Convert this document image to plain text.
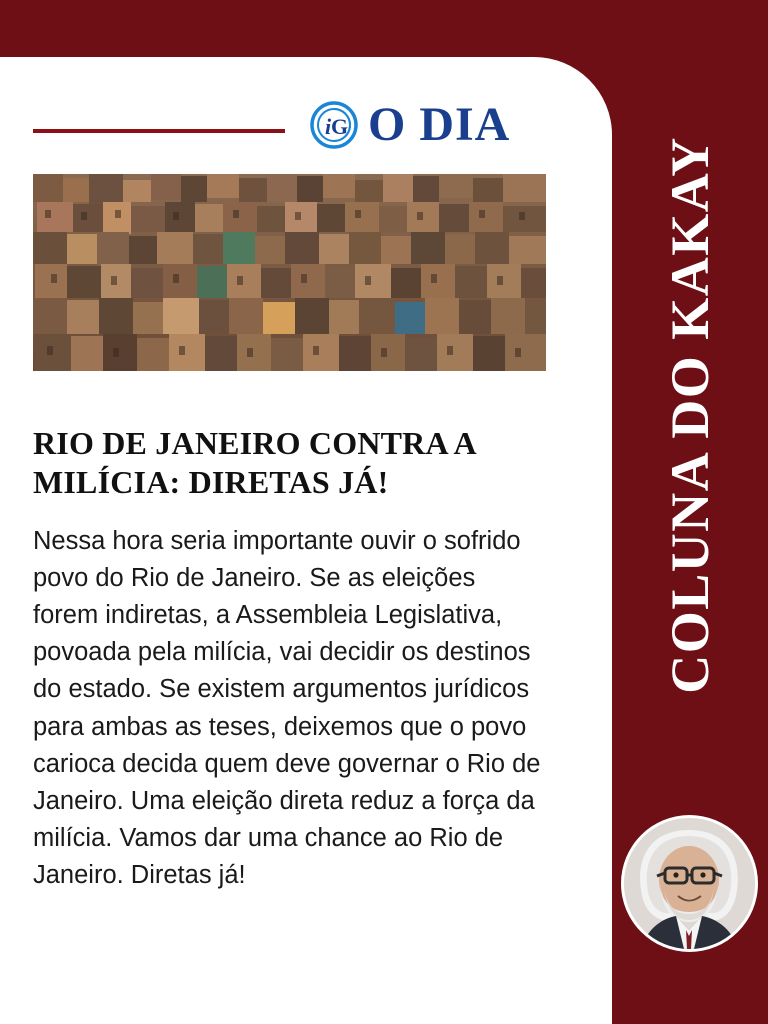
i G O DIA
RIO DE JANEIRO CONTRA A MILÍCIA: DIRETAS JÁ!

Nessa hora seria importante ouvir o sofrido povo do Rio de Janeiro. Se as eleições forem indiretas, a Assembleia Legislativa, povoada pela milícia, vai decidir os destinos do estado. Se existem argumentos jurídicos para ambas as teses, deixemos que o povo carioca decida quem deve governar o Rio de Janeiro. Uma eleição direta reduz a força da milícia. Vamos dar uma chance ao Rio de Janeiro. Diretas já!

COLUNA DO KAKAY
